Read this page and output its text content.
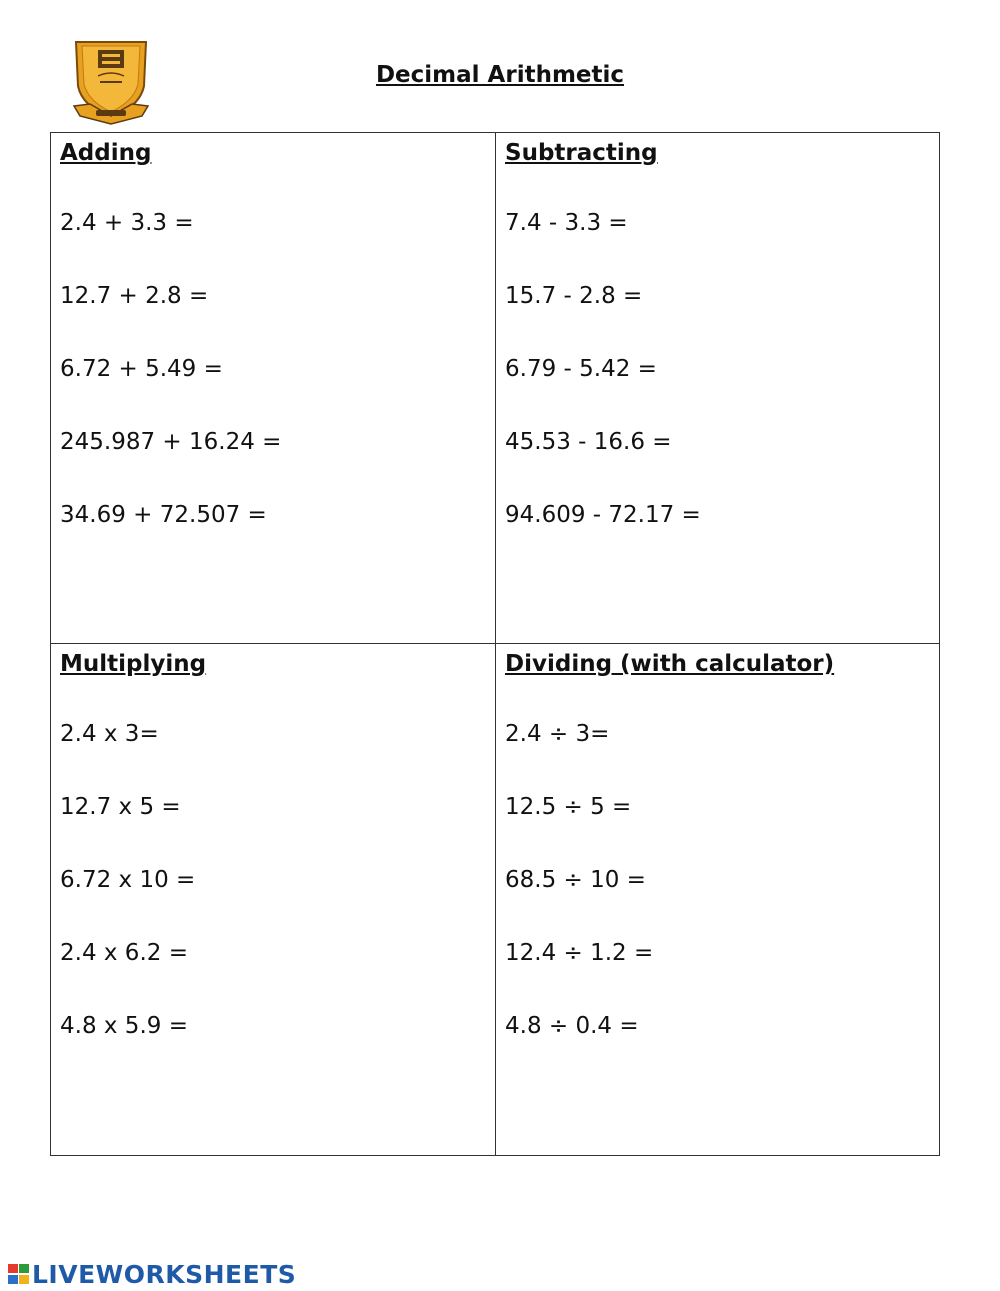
Decimal Arithmetic
Adding
2.4 + 3.3 =
12.7 + 2.8 =
6.72 + 5.49 =
245.987 + 16.24 =
34.69 + 72.507 =
Subtracting
7.4 - 3.3 =
15.7 - 2.8 =
6.79 - 5.42 =
45.53 - 16.6 =
94.609 - 72.17 =
Multiplying
2.4 x 3=
12.7 x 5 =
6.72 x 10 =
2.4 x 6.2 =
4.8 x 5.9 =
Dividing (with calculator)
2.4 ÷ 3=
12.5 ÷ 5 =
68.5 ÷ 10 =
12.4 ÷ 1.2 =
4.8 ÷ 0.4 =
LIVEWORKSHEETS
